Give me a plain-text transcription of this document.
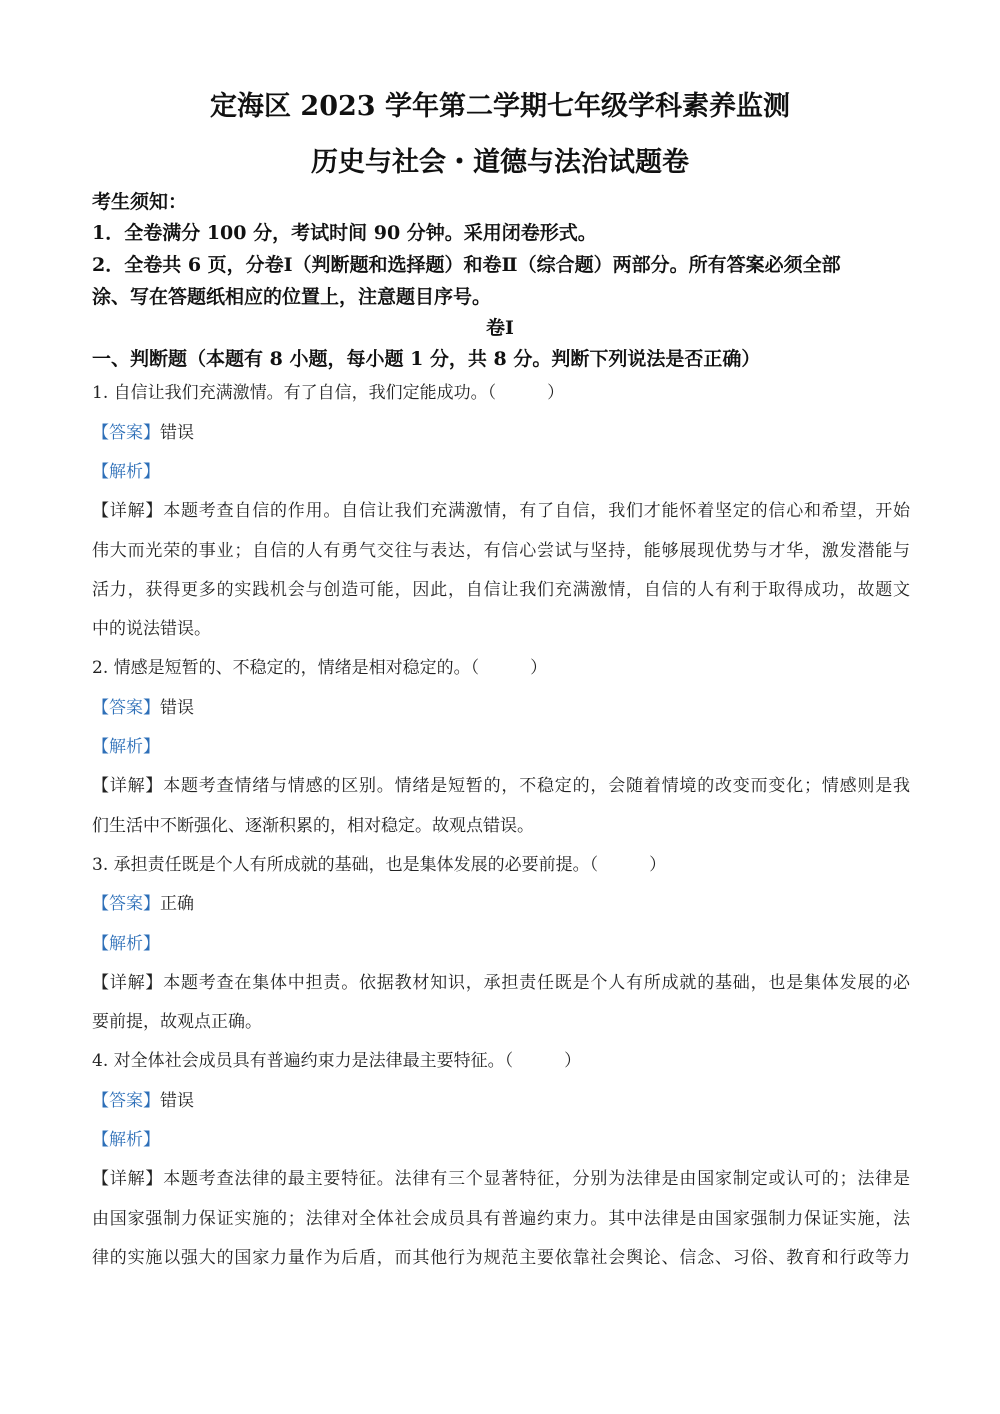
定海区 2023 学年第二学期七年级学科素养监测
历史与社会・道德与法治试题卷
考生须知：
1．全卷满分 100 分，考试时间 90 分钟。采用闭卷形式。
2．全卷共 6 页，分卷Ⅰ（判断题和选择题）和卷Ⅱ（综合题）两部分。所有答案必须全部
涂、写在答题纸相应的位置上，注意题目序号。
卷Ⅰ
一、判断题（本题有 8 小题，每小题 1 分，共 8 分。判断下列说法是否正确）
1. 自信让我们充满激情。有了自信，我们定能成功。（　　　）
【答案】错误
【解析】
【详解】本题考查自信的作用。自信让我们充满激情，有了自信，我们才能怀着坚定的信心和希望，开始
伟大而光荣的事业；自信的人有勇气交往与表达，有信心尝试与坚持，能够展现优势与才华，激发潜能与
活力，获得更多的实践机会与创造可能，因此，自信让我们充满激情，自信的人有利于取得成功，故题文
中的说法错误。
2. 情感是短暂的、不稳定的，情绪是相对稳定的。（　　　）
【答案】错误
【解析】
【详解】本题考查情绪与情感的区别。情绪是短暂的，不稳定的，会随着情境的改变而变化；情感则是我
们生活中不断强化、逐渐积累的，相对稳定。故观点错误。
3. 承担责任既是个人有所成就的基础，也是集体发展的必要前提。（　　　）
【答案】正确
【解析】
【详解】本题考查在集体中担责。依据教材知识，承担责任既是个人有所成就的基础，也是集体发展的必
要前提，故观点正确。
4. 对全体社会成员具有普遍约束力是法律最主要特征。（　　　）
【答案】错误
【解析】
【详解】本题考查法律的最主要特征。法律有三个显著特征，分别为法律是由国家制定或认可的；法律是
由国家强制力保证实施的；法律对全体社会成员具有普遍约束力。其中法律是由国家强制力保证实施，法
律的实施以强大的国家力量作为后盾，而其他行为规范主要依靠社会舆论、信念、习俗、教育和行政等力
